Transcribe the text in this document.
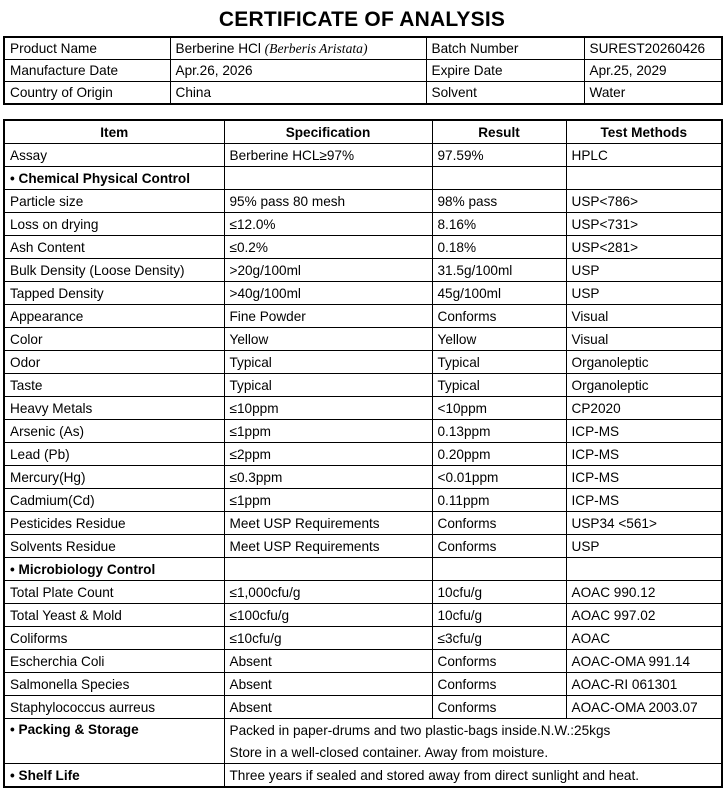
CERTIFICATE OF ANALYSIS
Product Name	Berberine HCl (Berberis Aristata)	Batch Number	SUREST20260426
Manufacture Date	Apr.26, 2026	Expire Date	Apr.25, 2029
Country of Origin	China	Solvent	Water
Item	Specification	Result	Test Methods
Assay	Berberine HCL≥97%	97.59%	HPLC
• Chemical Physical Control			
Particle size	95% pass 80 mesh	98% pass	USP<786>
Loss on drying	≤12.0%	8.16%	USP<731>
Ash Content	≤0.2%	0.18%	USP<281>
Bulk Density (Loose Density)	>20g/100ml	31.5g/100ml	USP
Tapped Density	>40g/100ml	45g/100ml	USP
Appearance	Fine Powder	Conforms	Visual
Color	Yellow	Yellow	Visual
Odor	Typical	Typical	Organoleptic
Taste	Typical	Typical	Organoleptic
Heavy Metals	≤10ppm	<10ppm	CP2020
Arsenic (As)	≤1ppm	0.13ppm	ICP-MS
Lead (Pb)	≤2ppm	0.20ppm	ICP-MS
Mercury(Hg)	≤0.3ppm	<0.01ppm	ICP-MS
Cadmium(Cd)	≤1ppm	0.11ppm	ICP-MS
Pesticides Residue	Meet USP Requirements	Conforms	USP34 <561>
Solvents Residue	Meet USP Requirements	Conforms	USP
• Microbiology Control			
Total Plate Count	≤1,000cfu/g	10cfu/g	AOAC 990.12
Total Yeast & Mold	≤100cfu/g	10cfu/g	AOAC 997.02
Coliforms	≤10cfu/g	≤3cfu/g	AOAC
Escherchia Coli	Absent	Conforms	AOAC-OMA 991.14
Salmonella Species	Absent	Conforms	AOAC-RI 061301
Staphylococcus aurreus	Absent	Conforms	AOAC-OMA 2003.07
• Packing & Storage	Packed in paper-drums and two plastic-bags inside.N.W.:25kgs		
	Store in a well-closed container. Away from moisture.		
• Shelf Life	Three years if sealed and stored away from direct sunlight and heat.		
